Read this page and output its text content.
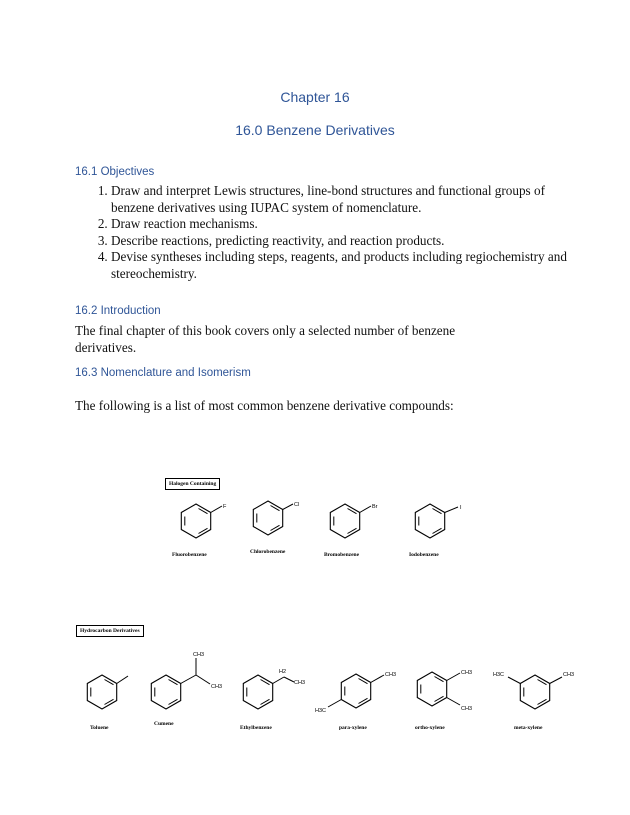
Chapter 16
16.0 Benzene Derivatives
16.1 Objectives
1. Draw and interpret Lewis structures, line-bond structures and functional groups of benzene derivatives using IUPAC system of nomenclature.
2. Draw reaction mechanisms.
3. Describe reactions, predicting reactivity, and reaction products.
4. Devise syntheses including steps, reagents, and products including regiochemistry and stereochemistry.
16.2 Introduction
The final chapter of this book covers only a selected number of benzene derivatives.
16.3 Nomenclature and Isomerism
The following is a list of most common benzene derivative compounds:
Halogen Containing
Hydrocarbon Derivatives
F
Fluorobenzene
Cl
Chlorobenzene
Br
Bromobenzene
I
Iodobenzene
Toluene
CH3
CH3
Cumene
H2
CH3
Ethylbenzene
CH3
H3C
para-xylene
CH3
CH3
ortho-xylene
H3C	CH3
meta-xylene
